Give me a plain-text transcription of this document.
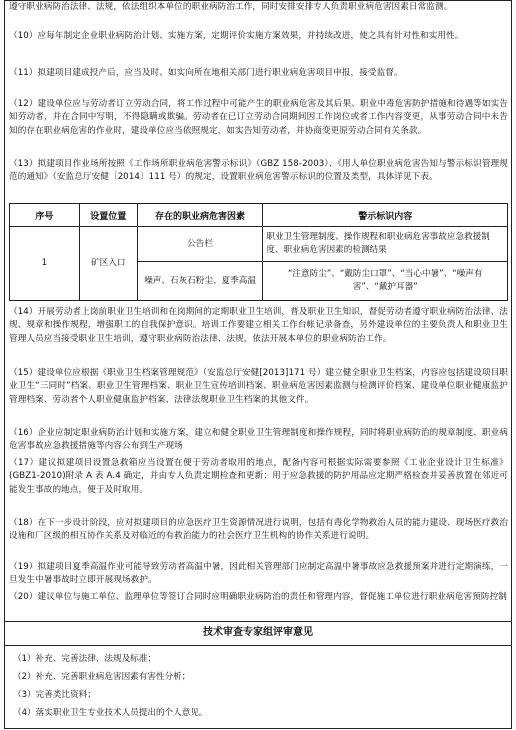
遵守职业病防治法律、法规，依法组织本单位的职业病防治工作，同时安排安排专人负责职业病危害因素日常监测。
（10）应每年制定企业职业病防治计划、实施方案，定期评价实施方案效果，并持续改进，使之具有针对性和实用性。
（11）拟建项目建成投产后，应当及时、如实向所在地相关部门进行职业病危害项目申报，接受监督。
（12）建设单位应与劳动者订立劳动合同，将工作过程中可能产生的职业病危害及其后果、职业中毒危害防护措施和待遇等如实告知劳动者，并在合同中写明，不得隐瞒或欺骗。劳动者在已订立劳动合同期间因工作岗位或者工作内容变更，从事劳动合同中未告知的存在职业病危害的作业时，建设单位应当依照规定，如实告知劳动者，并协商变更原劳动合同有关条款。
（13）拟建项目作业场所按照《工作场所职业病危害警示标识》（GBZ 158-2003）、《用人单位职业病危害告知与警示标识管理规范的通知》（安监总厅安健〔2014〕111 号）的规定，设置职业病危害警示标识的位置及类型，具体详见下表。
序号	设置位置	存在的职业病危害因素	警示标识内容
1	矿区入口	公告栏	职业卫生管理制度、操作规程和职业病危害事故应急救援制度、职业病危害因素的检测结果
		噪声、石灰石粉尘、夏季高温	“注意防尘”、“戴防尘口罩”、“当心中暑”、“噪声有害”、“戴护耳器”
（14）开展劳动者上岗前职业卫生培训和在岗期间的定期职业卫生培训，普及职业卫生知识，督促劳动者遵守职业病防治法律、法规、规章和操作规程，增强职工的自我保护意识。培训工作要建立相关工作台帐记录备查，另外建设单位的主要负责人和职业卫生管理人员应当接受职业卫生培训，遵守职业病防治法律、法规，依法开展本单位的职业病防治工作。
（15）建设单位应根据《职业卫生档案管理规范》（安监总厅安健[2013]171 号）建立健全职业卫生档案，内容应包括建设项目职业卫生“三同时”档案、职业卫生管理档案、职业卫生宣传培训档案、职业病危害因素监测与检测评价档案、建设单位职业健康监护管理档案、劳动者个人职业健康监护档案、法律法规职业卫生档案的其他文件。
（16）企业应制定职业病防治计划和实施方案，建立和健全职业卫生管理制度和操作规程，同时将职业病防治的规章制度、职业病危害事故应急救援措施等内容公布到生产现场
（17）建议拟建项目设置急救箱应当设置在便于劳动者取用的地点，配备内容可根据实际需要参照《工业企业设计卫生标准》(GBZ1-2010)附录 A 表 A.4 确定，并由专人负责定期检查和更新；用于应急救援的防护用品应定期严格检查并妥善放置在邻近可能发生事故的地点，便于及时取用。
（18）在下一步设计阶段，应对拟建项目的应急医疗卫生资源情况进行说明，包括有毒化学物救治人员的能力建设、现场医疗救治设施和厂区级的相互协作关系及对临近的有救治能力的社会医疗卫生机构的协作关系进行说明。
（19）拟建项目夏季高温作业可能导致劳动者高温中暑，因此相关管理部门应制定高温中暑事故应急救援预案并进行定期演练，一旦发生中暑事故时立即开展现场救护。
（20）建议单位与施工单位、监理单位等签订合同时应明确职业病防治的责任和管理内容，督促施工单位进行职业病危害预防控制
技术审查专家组评审意见
（1）补充、完善法律、法规及标准；
（2）补充、完善职业病危害因素有害性分析；
（3）完善类比资料；
（4）落实职业卫生专业技术人员提出的个人意见。
